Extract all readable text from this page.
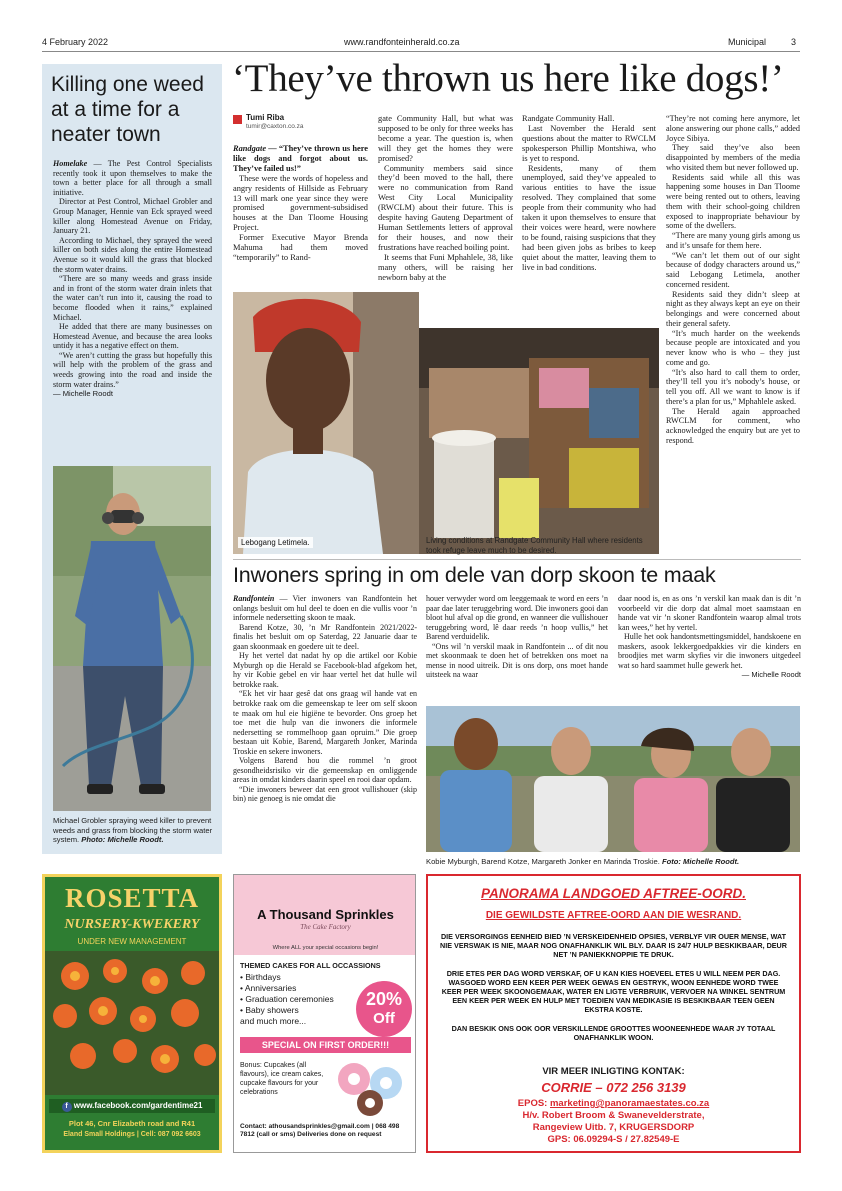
4 February 2022	www.randfonteinherald.co.za	Municipal	3
Killing one weed
at a time for a
neater town

Homelake — The Pest Control Specialists recently took it upon themselves to make the town a better place for all through a small initiative.

Director at Pest Control, Michael Grobler and Group Manager, Hennie van Eck sprayed weed killer along Homestead Avenue on Friday, January 21.

According to Michael, they sprayed the weed killer on both sides along the entire Homestead Avenue so it would kill the grass that blocked the storm water drains.

“There are so many weeds and grass inside and in front of the storm water drain inlets that the water can’t run into it, causing the road to become flooded when it rains,” explained Michael.

He added that there are many businesses on Homestead Avenue, and because the area looks untidy it has a negative effect on them.

“We aren’t cutting the grass but hopefully this will help with the problem of the grass and weeds growing into the road and inside the storm water drains.”

— Michelle Roodt

Michael Grobler spraying weed killer to prevent weeds and grass from blocking the storm water system. Photo: Michelle Roodt.
‘They’ve thrown us here like dogs!’
Tumi Riba
tumir@caxton.co.za

Randgate — “They’ve thrown us here like dogs and forgot about us. They’ve failed us!”

These were the words of hopeless and angry residents of Hillside as February 13 will mark one year since they were promised government-subsidised houses at the Dan Tloome Housing Project.

Former Executive Mayor Brenda Mahuma had them moved “temporarily” to Rand-

gate Community Hall, but what was supposed to be only for three weeks has become a year. The question is, when will they get the homes they were promised?

Community members said since they’d been moved to the hall, there were no communication from Rand West City Local Municipality (RWCLM) about their future. This is despite having Gauteng Department of Human Settlements letters of approval for their houses, and now their frustrations have reached boiling point.

It seems that Funi Mphahlele, 38, like many others, will be raising her newborn baby at the

Randgate Community Hall.

Last November the Herald sent questions about the matter to RWCLM spokesperson Phillip Montshiwa, who is yet to respond.

Residents, many of them unemployed, said they’ve appealed to various entities to have the issue resolved. They complained that some people from their community who had taken it upon themselves to ensure that their voices were heard, were nowhere to be found, raising suspicions that they had been given jobs as bribes to keep quiet about the matter, leaving them to live in bad conditions.

“They’re not coming here anymore, let alone answering our phone calls,” added Joyce Sibiya.

They said they’ve also been disappointed by members of the media who visited them but never followed up.

Residents said while all this was happening some houses in Dan Tloome were being rented out to others, leaving them with their school-going children exposed to inappropriate behaviour by some of the dwellers.

“There are many young girls among us and it’s unsafe for them here.

“We can’t let them out of our sight because of dodgy characters around us,” said Lebogang Letimela, another concerned resident.

Residents said they didn’t sleep at night as they always kept an eye on their belongings and were concerned about their general safety.

“It’s much harder on the weekends because people are intoxicated and you never know who is who – they just come and go.

“It’s also hard to call them to order, they’ll tell you it’s nobody’s house, or tell you off. All we want to know is if there’s a plan for us,” Mphahlele asked.

The Herald again approached RWCLM for comment, who acknowledged the enquiry but are yet to respond.

Lebogang Letimela.	Living conditions at Randgate Community Hall where residents took refuge leave much to be desired.
Inwoners spring in om dele van dorp skoon te maak

Randfontein — Vier inwoners van Randfontein het onlangs besluit om hul deel te doen en die vullis voor ’n informele nedersetting skoon te maak.

Barend Kotze, 30, ’n Mr Randfontein 2021/2022-finalis het besluit om op Saterdag, 22 Januarie daar te gaan skoonmaak en goedere uit te deel.

Hy het vertel dat nadat hy op die artikel oor Kobie Myburgh op die Herald se Facebook-blad afgekom het, hy vir Kobie gebel en vir haar vertel het dat hulle wil betrokke raak.

“Ek het vir haar gesê dat ons graag wil hande vat en betrokke raak om die gemeenskap te leer om self skoon te maak om hul eie higiëne te bevorder. Ons groep het toe met die hulp van die inwoners die informele nedersetting se rommelhoop gaan opruim.” Die groep bestaan uit Kobie, Barend, Margareth Jonker, Marinda Troskie en sekere inwoners.

Volgens Barend hou die rommel ’n groot gesondheidsrisiko vir die gemeenskap en omliggende areas in omdat kinders daarin speel en rooi daar opdam.

“Die inwoners beweer dat een groot vullishouer (skip bin) nie genoeg is nie omdat die

houer verwyder word om leeggemaak te word en eers ’n paar dae later teruggebring word. Die inwoners gooi dan bloot hul afval op die grond, en wanneer die vullishouer teruggebring word, lê daar reeds ’n hoop vullis,” het Barend verduidelik.

“Ons wil ’n verskil maak in Randfontein ... of dit nou met skoonmaak te doen het of betrekken ons moet na mense in nood uitreik. Dit is ons dorp, ons moet hande uitsteek na waar

daar nood is, en as ons ’n verskil kan maak dan is dit ’n voorbeeld vir die dorp dat almal moet saamstaan en hande vat vir ’n skoner Randfontein waarop almal trots kan wees,” het hy vertel.

Hulle het ook handontsmettingsmiddel, handskoene en maskers, asook lekkergoedpakkies vir die kinders en broodjies met warm skyfies vir die inwoners uitgedeel wat so hard saammet hulle gewerk het.

— Michelle Roodt

Kobie Myburgh, Barend Kotze, Margareth Jonker en Marinda Troskie. Foto: Michelle Roodt.
ROSETTA
NURSERY-KWEKERY
UNDER NEW MANAGEMENT
f www.facebook.com/gardentime21
Plot 46, Cnr Elizabeth road and R41
Eland Small Holdings | Cell: 087 092 6603
A Thousand Sprinkles
The Cake Factory
Where ALL your special occasions begin!
THEMED CAKES FOR ALL OCCASSIONS
• Birthdays
• Anniversaries
• Graduation ceremonies
• Baby showers
and much more...
20%
Off
SPECIAL ON FIRST ORDER!!!
Bonus: Cupcakes (all flavours), ice cream cakes, cupcake flavours for your celebrations
Contact: athousandsprinkles@gmail.com | 068 498 7812 (call or sms) Deliveries done on request
PANORAMA LANDGOED AFTREE-OORD.
DIE GEWILDSTE AFTREE-OORD AAN DIE WESRAND.

DIE VERSORGINGS EENHEID BIED ’N VERSKEIDENHEID OPSIES, VERBLYF VIR OUER MENSE, WAT NIE VERSWAK IS NIE, MAAR NOG ONAFHANKLIK WIL BLY. DAAR IS 24/7 HULP BESKIKBAAR, DEUR NET ’N PANIEKKNOPPIE TE DRUK.

DRIE ETES PER DAG WORD VERSKAF, OF U KAN KIES HOEVEEL ETES U WILL NEEM PER DAG. WASGOED WORD EEN KEER PER WEEK GEWAS EN GESTRYK, WOON EENHEDE WORD TWEE KEER PER WEEK SKOONGEMAAK, WATER EN LIGTE VERBRUIK, VERVOER NA WINKEL SENTRUM EEN KEER PER WEEK EN HULP MET TOEDIEN VAN MEDIKASIE IS BESKIKBAAR TEEN GEEN EKSTRA KOSTE.

DAN BESKIK ONS OOK OOR VERSKILLENDE GROOTTES WOONEENHEDE WAAR JY TOTAAL ONAFHANKLIK WOON.

VIR MEER INLIGTING KONTAK:
CORRIE – 072 256 3139
EPOS: marketing@panoramaestates.co.za
H/v. Robert Broom & Swanevelderstrate,
Rangeview Uitb. 7, KRUGERSDORP
GPS: 06.09294-S / 27.82549-E
